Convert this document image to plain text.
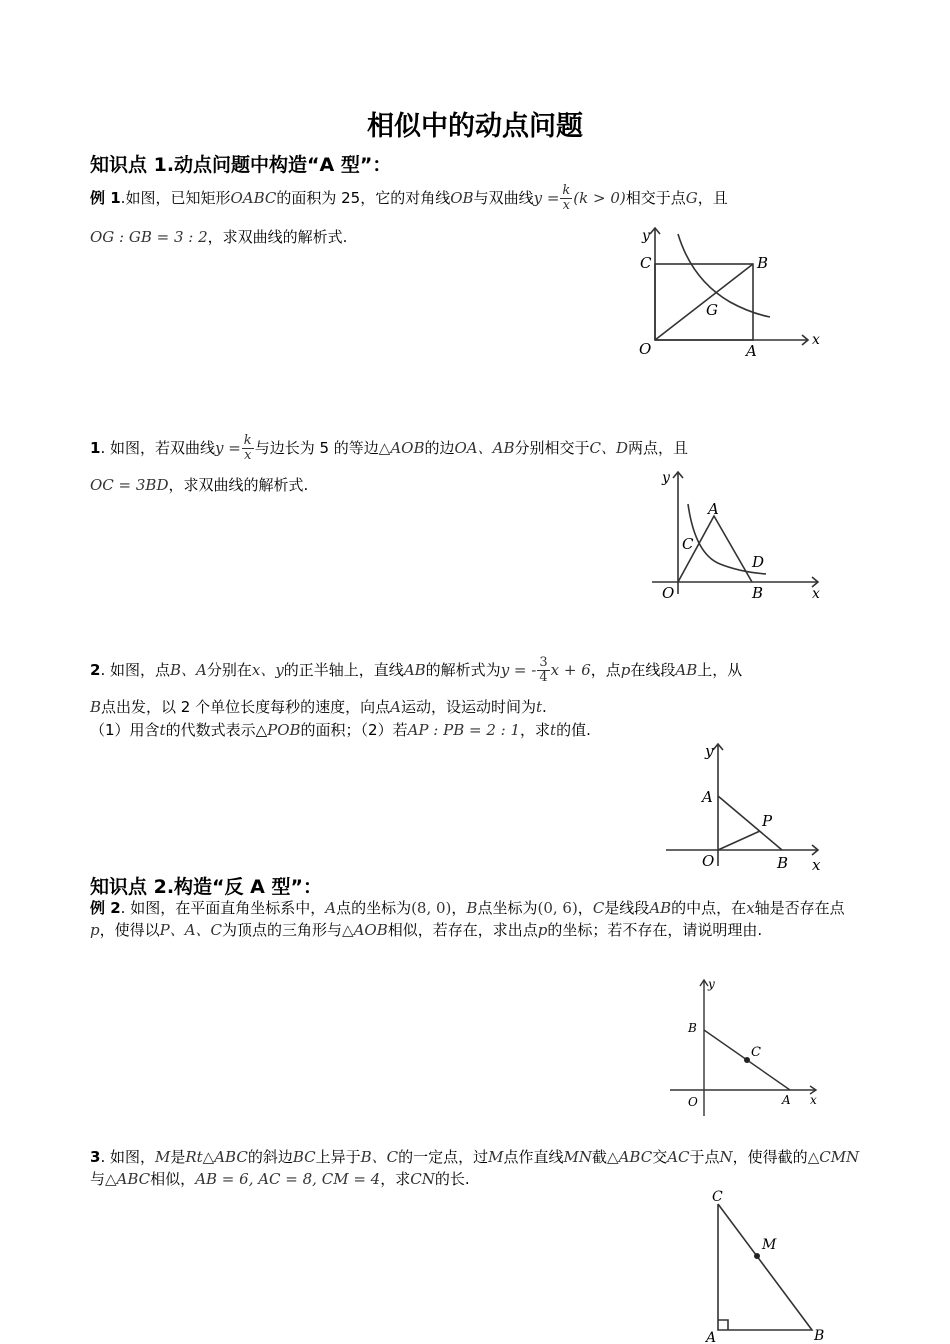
相似中的动点问题
知识点 1.动点问题中构造“A 型”：
例 1.如图，已知矩形OABC的面积为 25，它的对角线OB与双曲线$y = \frac{k}{x} (k > 0)$相交于点G，且
OG : GB = 3 : 2，求双曲线的解析式.	y
x
C	B
G
O	A
1. 如图，若双曲线$y = \frac{k}{x}$ 与边长为 5 的等边△AOB的边OA、AB分别相交于C、D两点，且
OC = 3BD，求双曲线的解析式.	y
x
A
C
D
O	B
2. 如图，点B、A分别在x、y的正半轴上，直线AB的解析式为y = - $\frac{3}{4}$ x + 6，点p在线段AB上，从
B点出发，以 2 个单位长度每秒的速度，向点A运动，设运动时间为t.
（1）用含t的代数式表示△POB的面积；（2）若AP : PB = 2 : 1，求t的值.
y
x
A
P
O	B
知识点 2.构造“反 A 型”：
例 2. 如图，在平面直角坐标系中，A点的坐标为(8, 0)，B点坐标为(0, 6)，C是线段AB的中点，在x轴是否存在点p，使得以P、A、C为顶点的三角形与△AOB相似，若存在，求出点p的坐标；若不存在，请说明理由.
y
x
B
C
O	A
3. 如图，M是Rt△ABC的斜边BC上异于B、C的一定点，过M点作直线MN截△ABC交AC于点N，使得截的△CMN与△ABC相似，AB = 6, AC = 8, CM = 4，求CN的长.
C
M
A	B
